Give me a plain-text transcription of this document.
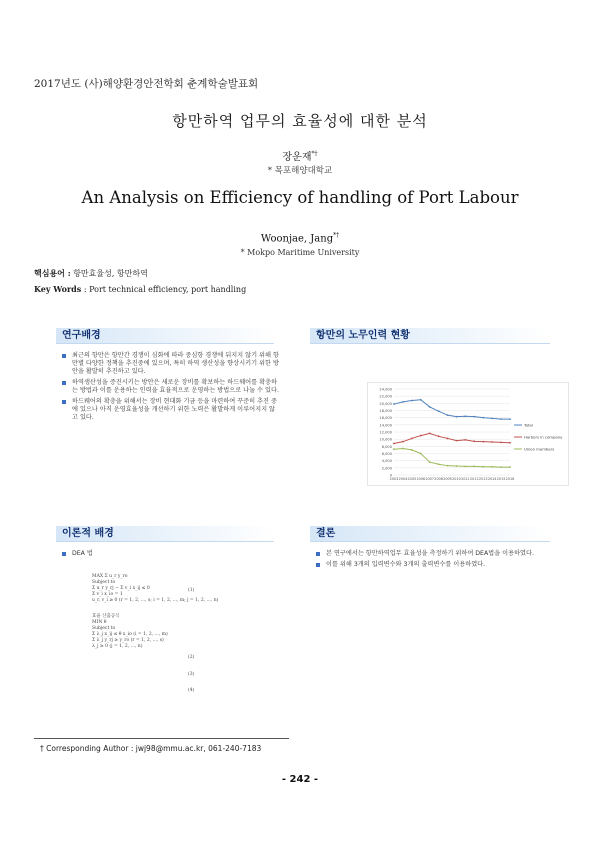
2017년도 (사)해양환경안전학회 춘계학술발표회
항만하역 업무의 효율성에 대한 분석
장운재*†
* 목포해양대학교
An Analysis on Efficiency of handling of Port Labour
Woonjae, Jang*†
* Mokpo Maritime University
핵심용어 : 항만효율성, 항만하역
Key Words : Port technical efficiency, port handling
연구배경
최근의 항만은 항만간 경쟁이 심화에 따라 중심항 경쟁에 뒤지지 않기 위해 항만별 다양한 정책을 추진중에 있으며, 특히 하역 생산성을 향상시키기 위한 방안을 활발히 추진하고 있다.
하역생산성을 증진시키는 방안은 새로운 장비를 확보하는 하드웨어를 확충하는 방법과 이를 운용하는 인력을 효율적으로 운영하는 방법으로 나눌 수 있다.
하드웨어의 확충을 위해서는 장비 현대화 기금 등을 마련하여 꾸준히 추진 중에 있으나 아직 운영효율성을 개선하기 위한 노력은 활발하게 이루어지지 않고 있다.
항만의 노무인력 현황
0
2,000
4,000
6,000
8,000
10,000
12,000
14,000
16,000
18,000
20,000
22,000
24,000
2003 2004 2005 2006 2007 2008 2009 2010 2011 2012 2013 2014 2015 2016
Total
Harbors in company
Union members
이론적 배경
DEA 법
MAX Σ u_r y_ro
Subject to
Σ u_r y_rj − Σ v_i x_ij ≤ 0
Σ v_i x_io = 1
u_r, v_i ≥ 0 (r = 1, 2, ..., s; i = 1, 2, ..., m; j = 1, 2, ..., n)
효율 산출공식
MIN θ
Subject to
Σ λ_j x_ij ≤ θ x_io (i = 1, 2, ..., m)
Σ λ_j y_rj ≥ y_ro (r = 1, 2, ..., s)
λ_j ≥ 0 (j = 1, 2, ..., n)
(1)
(2)
(3)
(4)
결론
본 연구에서는 항만하역업무 효율성을 측정하기 위하여 DEA법을 이용하였다.
이를 위해 3개의 입력변수와 3개의 출력변수를 이용하였다.
† Corresponding Author : jwj98@mmu.ac.kr, 061-240-7183
- 242 -
